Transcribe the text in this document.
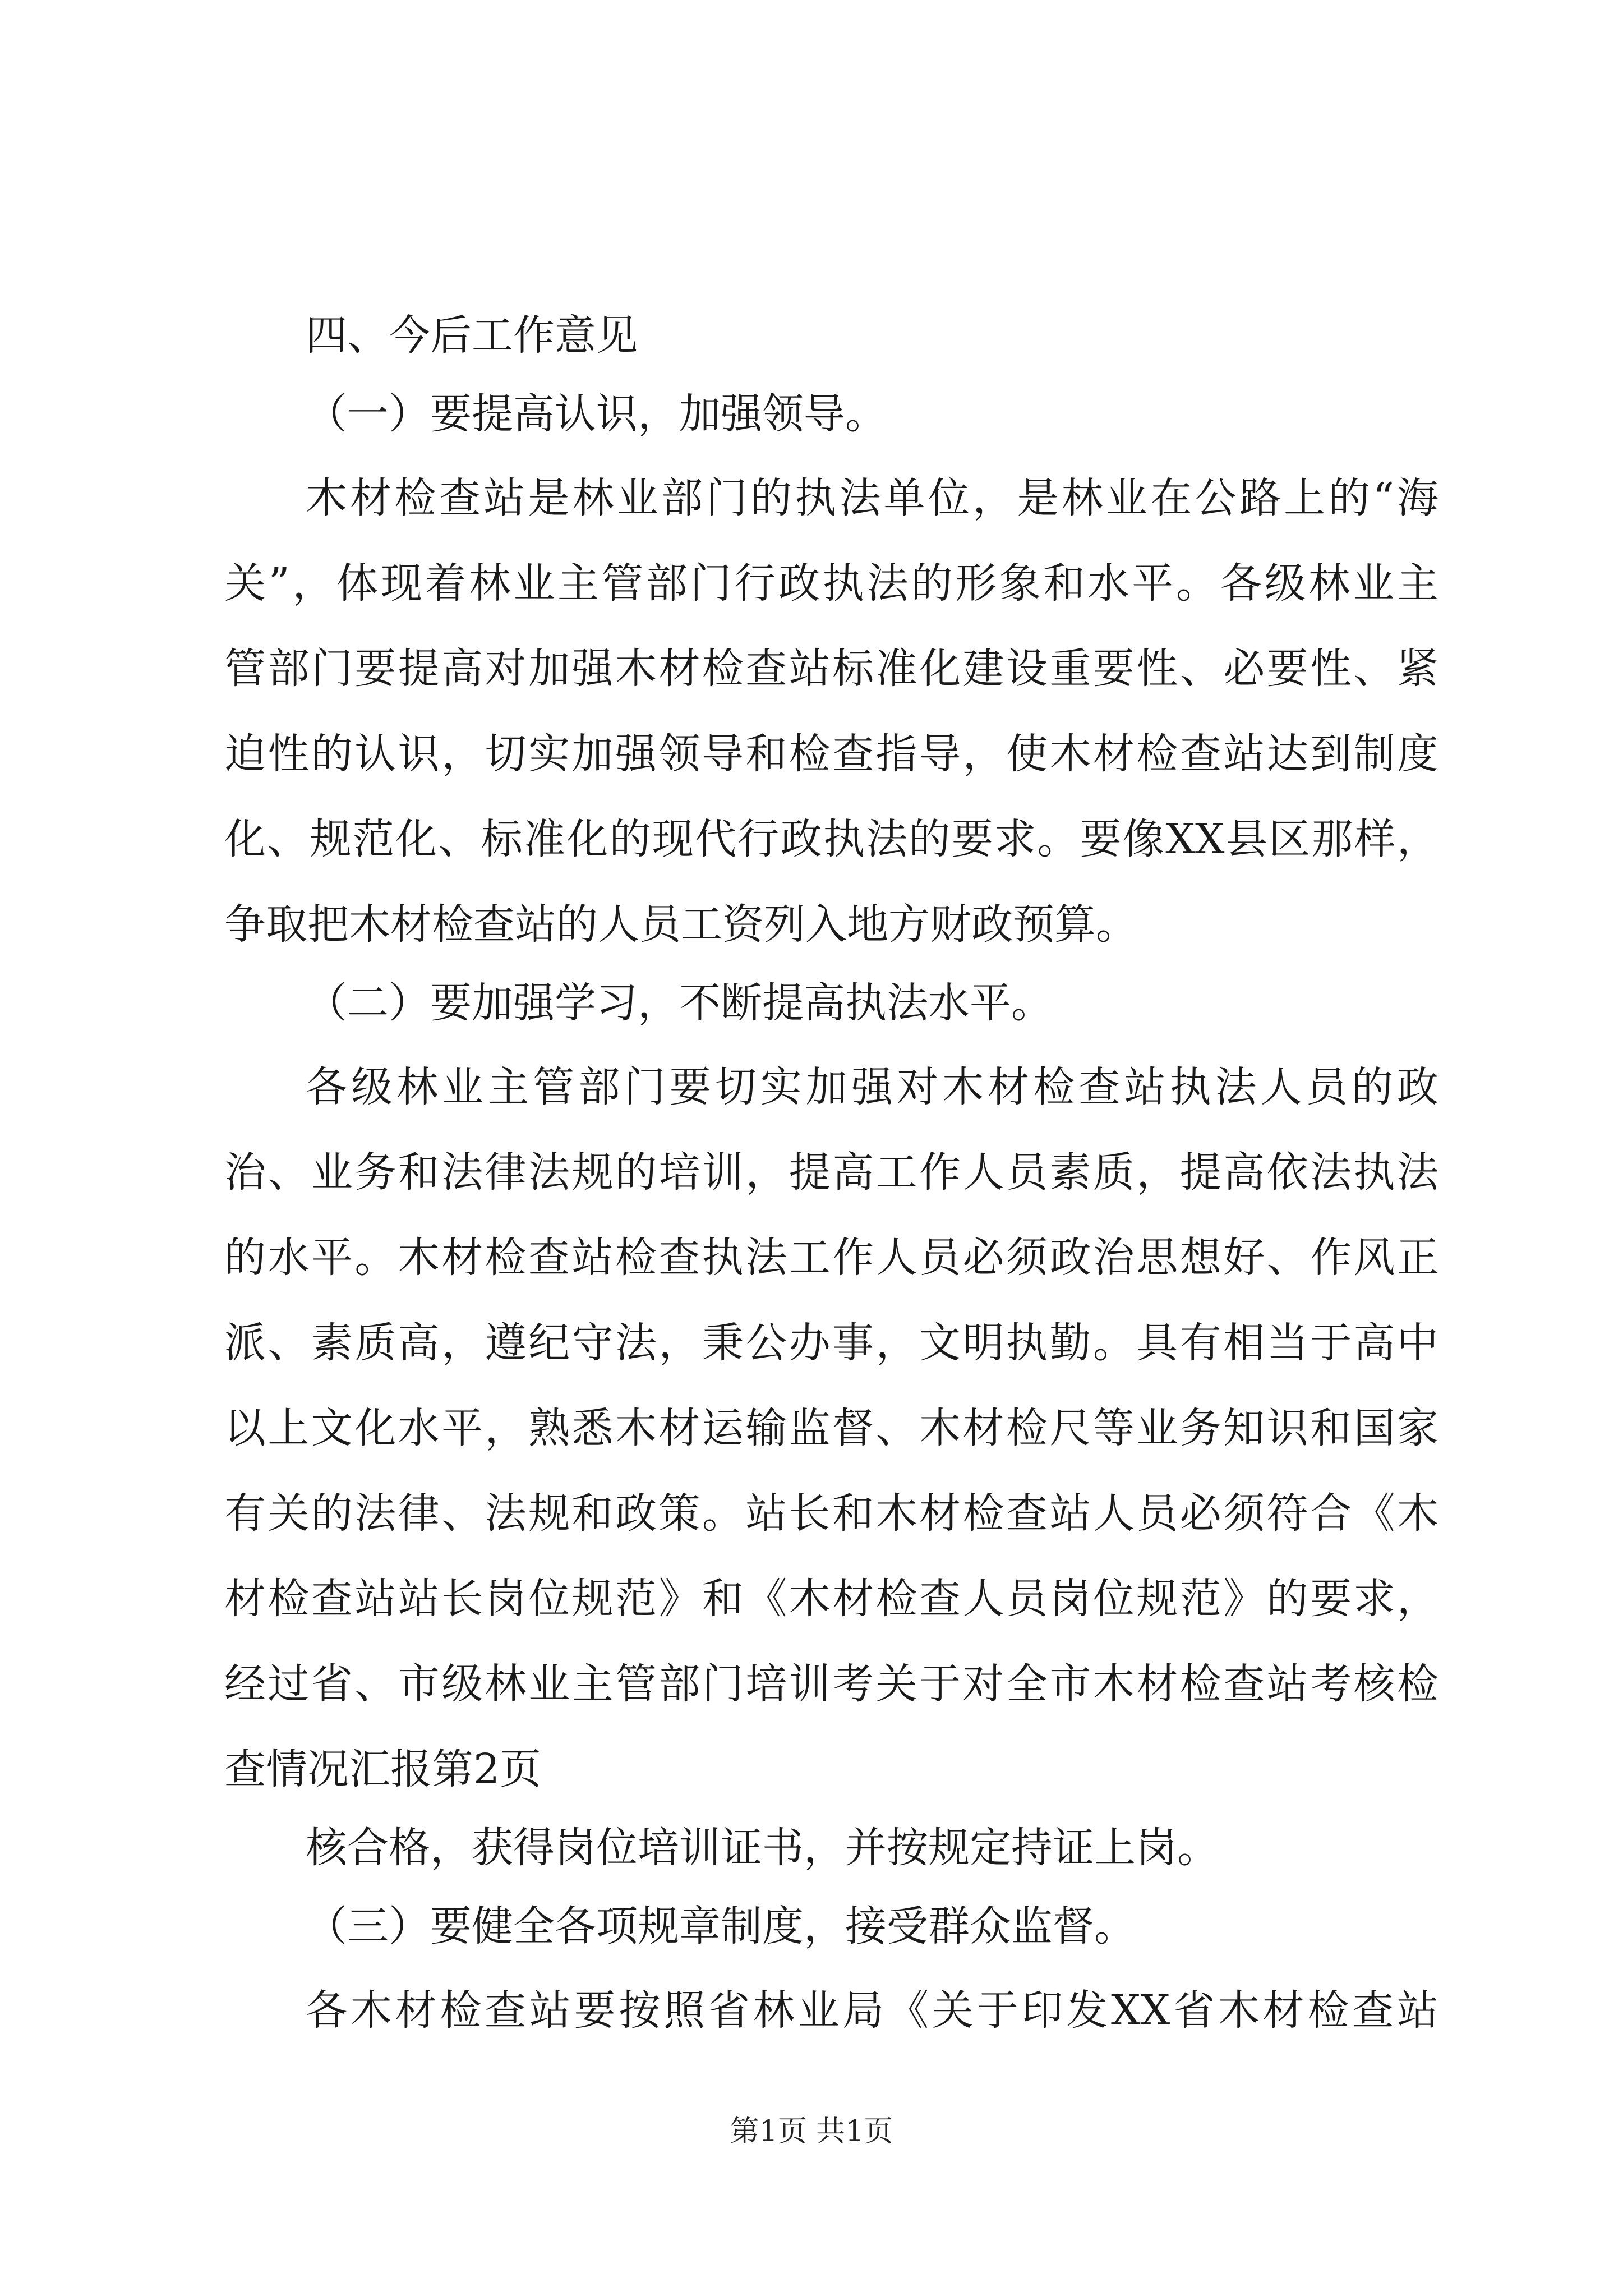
四、今后工作意见
（一）要提高认识，加强领导。
木材检查站是林业部门的执法单位，是林业在公路上的“海
关”，体现着林业主管部门行政执法的形象和水平。各级林业主
管部门要提高对加强木材检查站标准化建设重要性、必要性、紧
迫性的认识，切实加强领导和检查指导，使木材检查站达到制度
化、规范化、标准化的现代行政执法的要求。要像XX县区那样，
争取把木材检查站的人员工资列入地方财政预算。
（二）要加强学习，不断提高执法水平。
各级林业主管部门要切实加强对木材检查站执法人员的政
治、业务和法律法规的培训，提高工作人员素质，提高依法执法
的水平。木材检查站检查执法工作人员必须政治思想好、作风正
派、素质高，遵纪守法，秉公办事，文明执勤。具有相当于高中
以上文化水平，熟悉木材运输监督、木材检尺等业务知识和国家
有关的法律、法规和政策。站长和木材检查站人员必须符合《木
材检查站站长岗位规范》和《木材检查人员岗位规范》的要求，
经过省、市级林业主管部门培训考关于对全市木材检查站考核检
查情况汇报第2页
核合格，获得岗位培训证书，并按规定持证上岗。
（三）要健全各项规章制度，接受群众监督。
各木材检查站要按照省林业局《关于印发XX省木材检查站
第1页 共1页
